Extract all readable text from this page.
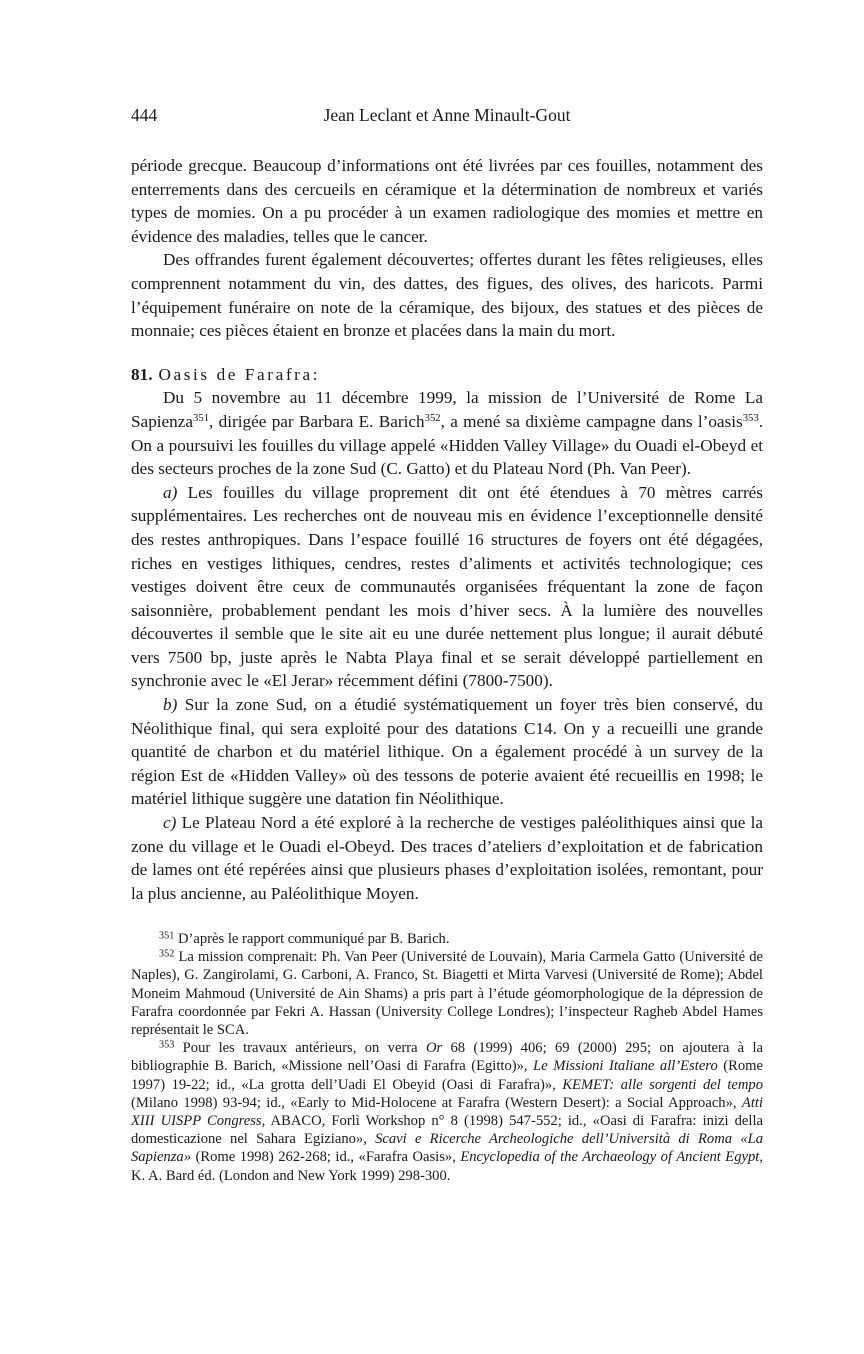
444	Jean Leclant et Anne Minault-Gout

période grecque. Beaucoup d’informations ont été livrées par ces fouilles, notamment des enterrements dans des cercueils en céramique et la détermination de nombreux et variés types de momies. On a pu procéder à un examen radiologique des momies et mettre en évidence des maladies, telles que le cancer.

Des offrandes furent également découvertes; offertes durant les fêtes religieuses, elles comprennent notamment du vin, des dattes, des figues, des olives, des haricots. Parmi l’équipement funéraire on note de la céramique, des bijoux, des statues et des pièces de monnaie; ces pièces étaient en bronze et placées dans la main du mort.

81. Oasis de Farafra:

Du 5 novembre au 11 décembre 1999, la mission de l’Université de Rome La Sapienza$^{351}$, dirigée par Barbara E. Barich$^{352}$, a mené sa dixième campagne dans l’oasis$^{353}$. On a poursuivi les fouilles du village appelé «Hidden Valley Village» du Ouadi el-Obeyd et des secteurs proches de la zone Sud (C. Gatto) et du Plateau Nord (Ph. Van Peer).

a) Les fouilles du village proprement dit ont été étendues à 70 mètres carrés supplémentaires. Les recherches ont de nouveau mis en évidence l’exceptionnelle densité des restes anthropiques. Dans l’espace fouillé 16 structures de foyers ont été dégagées, riches en vestiges lithiques, cendres, restes d’aliments et activités technologique; ces vestiges doivent être ceux de communautés organisées fréquentant la zone de façon saisonnière, probablement pendant les mois d’hiver secs. À la lumière des nouvelles découvertes il semble que le site ait eu une durée nettement plus longue; il aurait débuté vers 7500 bp, juste après le Nabta Playa final et se serait développé partiellement en synchronie avec le «El Jerar» récemment défini (7800-7500).

b) Sur la zone Sud, on a étudié systématiquement un foyer très bien conservé, du Néolithique final, qui sera exploité pour des datations C14. On y a recueilli une grande quantité de charbon et du matériel lithique. On a également procédé à un survey de la région Est de «Hidden Valley» où des tessons de poterie avaient été recueillis en 1998; le matériel lithique suggère une datation fin Néolithique.

c) Le Plateau Nord a été exploré à la recherche de vestiges paléolithiques ainsi que la zone du village et le Ouadi el-Obeyd. Des traces d’ateliers d’exploitation et de fabrication de lames ont été repérées ainsi que plusieurs phases d’exploitation isolées, remontant, pour la plus ancienne, au Paléolithique Moyen.

$^{351}$ D’après le rapport communiqué par B. Barich.

$^{352}$ La mission comprenait: Ph. Van Peer (Université de Louvain), Maria Carmela Gatto (Université de Naples), G. Zangirolami, G. Carboni, A. Franco, St. Biagetti et Mirta Varvesi (Université de Rome); Abdel Moneim Mahmoud (Université de Ain Shams) a pris part à l’étude géomorphologique de la dépression de Farafra coordonnée par Fekri A. Hassan (University College Londres); l’inspecteur Ragheb Abdel Hames représentait le SCA.

$^{353}$ Pour les travaux antérieurs, on verra Or 68 (1999) 406; 69 (2000) 295; on ajoutera à la bibliographie B. Barich, «Missione nell’Oasi di Farafra (Egitto)», Le Missioni Italiane all’Estero (Rome 1997) 19-22; id., «La grotta dell’Uadi El Obeyid (Oasi di Farafra)», KEMET: alle sorgenti del tempo (Milano 1998) 93-94; id., «Early to Mid-Holocene at Farafra (Western Desert): a Social Approach», Atti XIII UISPP Congress, ABACO, Forlì Workshop n° 8 (1998) 547-552; id., «Oasi di Farafra: inizi della domesticazione nel Sahara Egiziano», Scavi e Ricerche Archeologiche dell’Università di Roma «La Sapienza» (Rome 1998) 262-268; id., «Farafra Oasis», Encyclopedia of the Archaeology of Ancient Egypt, K. A. Bard éd. (London and New York 1999) 298-300.
